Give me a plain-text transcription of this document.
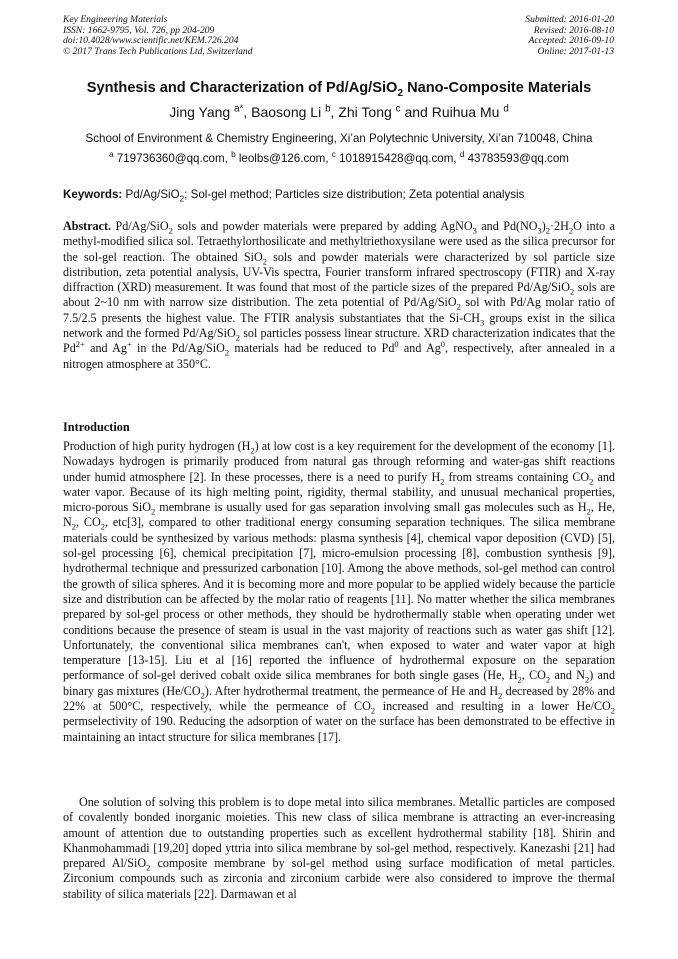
Key Engineering Materials
ISSN: 1662-9795, Vol. 726, pp 204-209
doi:10.4028/www.scientific.net/KEM.726.204
© 2017 Trans Tech Publications Ltd, Switzerland
Submitted: 2016-01-20
Revised: 2016-08-10
Accepted: 2016-09-10
Online: 2017-01-13
Synthesis and Characterization of Pd/Ag/SiO$_2$ Nano-Composite Materials
Jing Yang $^{a*}$, Baosong Li $^b$, Zhi Tong $^c$ and Ruihua Mu $^d$
School of Environment & Chemistry Engineering, Xi’an Polytechnic University, Xi’an 710048, China
$^a$ 719736360@qq.com, $^b$ leolbs@126.com, $^c$ 1018915428@qq.com, $^d$ 43783593@qq.com
Keywords: Pd/Ag/SiO$_2$; Sol-gel method; Particles size distribution; Zeta potential analysis

Abstract. Pd/Ag/SiO$_2$ sols and powder materials were prepared by adding AgNO$_3$ and $Pd(NO_3)_2\cdot 2H_2O$ into a methyl-modified silica sol. Tetraethylorthosilicate and methyltriethoxysilane were used as the silica precursor for the sol-gel reaction. The obtained SiO$_2$ sols and powder materials were characterized by sol particle size distribution, zeta potential analysis, UV-Vis spectra, Fourier transform infrared spectroscopy (FTIR) and X-ray diffraction (XRD) measurement. It was found that most of the particle sizes of the prepared Pd/Ag/SiO$_2$ sols are about 2~10 nm with narrow size distribution. The zeta potential of Pd/Ag/SiO$_2$ sol with Pd/Ag molar ratio of 7.5/2.5 presents the highest value. The FTIR analysis substantiates that the $Si-CH_3$ groups exist in the silica network and the formed Pd/Ag/SiO$_2$ sol particles possess linear structure. XRD characterization indicates that the $Pd^{2+}$ and Ag+ in the Pd/Ag/SiO$_2$ materials had be reduced to Pd$^0$ and Ag$^0$, respectively, after annealed in a nitrogen atmosphere at 350°C.

Introduction

Production of high purity hydrogen $(H_2)$ at low cost is a key requirement for the development of the economy [1]. Nowadays hydrogen is primarily produced from natural gas through reforming and water-gas shift reactions under humid atmosphere [2]. In these processes, there is a need to purify $H_2$ from streams containing $CO_2$ and water vapor. Because of its high melting point, rigidity, thermal stability, and unusual mechanical properties, micro-porous SiO$_2$ membrane is usually used for gas separation involving small gas molecules such as $H_2$, He, $N_2$, $CO_2$, etc[3], compared to other traditional energy consuming separation techniques. The silica membrane materials could be synthesized by various methods: plasma synthesis [4], chemical vapor deposition (CVD) [5], sol-gel processing [6], chemical precipitation [7], micro-emulsion processing [8], combustion synthesis [9], hydrothermal technique and pressurized carbonation [10]. Among the above methods, sol-gel method can control the growth of silica spheres. And it is becoming more and more popular to be applied widely because the particle size and distribution can be affected by the molar ratio of reagents [11]. No matter whether the silica membranes prepared by sol-gel process or other methods, they should be hydrothermally stable when operating under wet conditions because the presence of steam is usual in the vast majority of reactions such as water gas shift [12]. Unfortunately, the conventional silica membranes can't, when exposed to water and water vapor at high temperature [13-15]. Liu et al [16] reported the influence of hydrothermal exposure on the separation performance of sol-gel derived cobalt oxide silica membranes for both single gases (He, $H_2$, $CO_2$ and $N_2$) and binary gas mixtures $(He/CO_2)$. After hydrothermal treatment, the permeance of He and $H_2$ decreased by 28% and 22% at 500°C, respectively, while the permeance of $CO_2$ increased and resulting in a lower $He/CO_2$ permselectivity of 190. Reducing the adsorption of water on the surface has been demonstrated to be effective in maintaining an intact structure for silica membranes [17].

One solution of solving this problem is to dope metal into silica membranes. Metallic particles are composed of covalently bonded inorganic moieties. This new class of silica membrane is attracting an ever-increasing amount of attention due to outstanding properties such as excellent hydrothermal stability [18]. Shirin and Khanmohammadi [19,20] doped yttria into silica membrane by sol-gel method, respectively. Kanezashi [21] had prepared Al/SiO$_2$ composite membrane by sol-gel method using surface modification of metal particles. Zirconium compounds such as zirconia and zirconium carbide were also considered to improve the thermal stability of silica materials [22]. Darmawan et al
